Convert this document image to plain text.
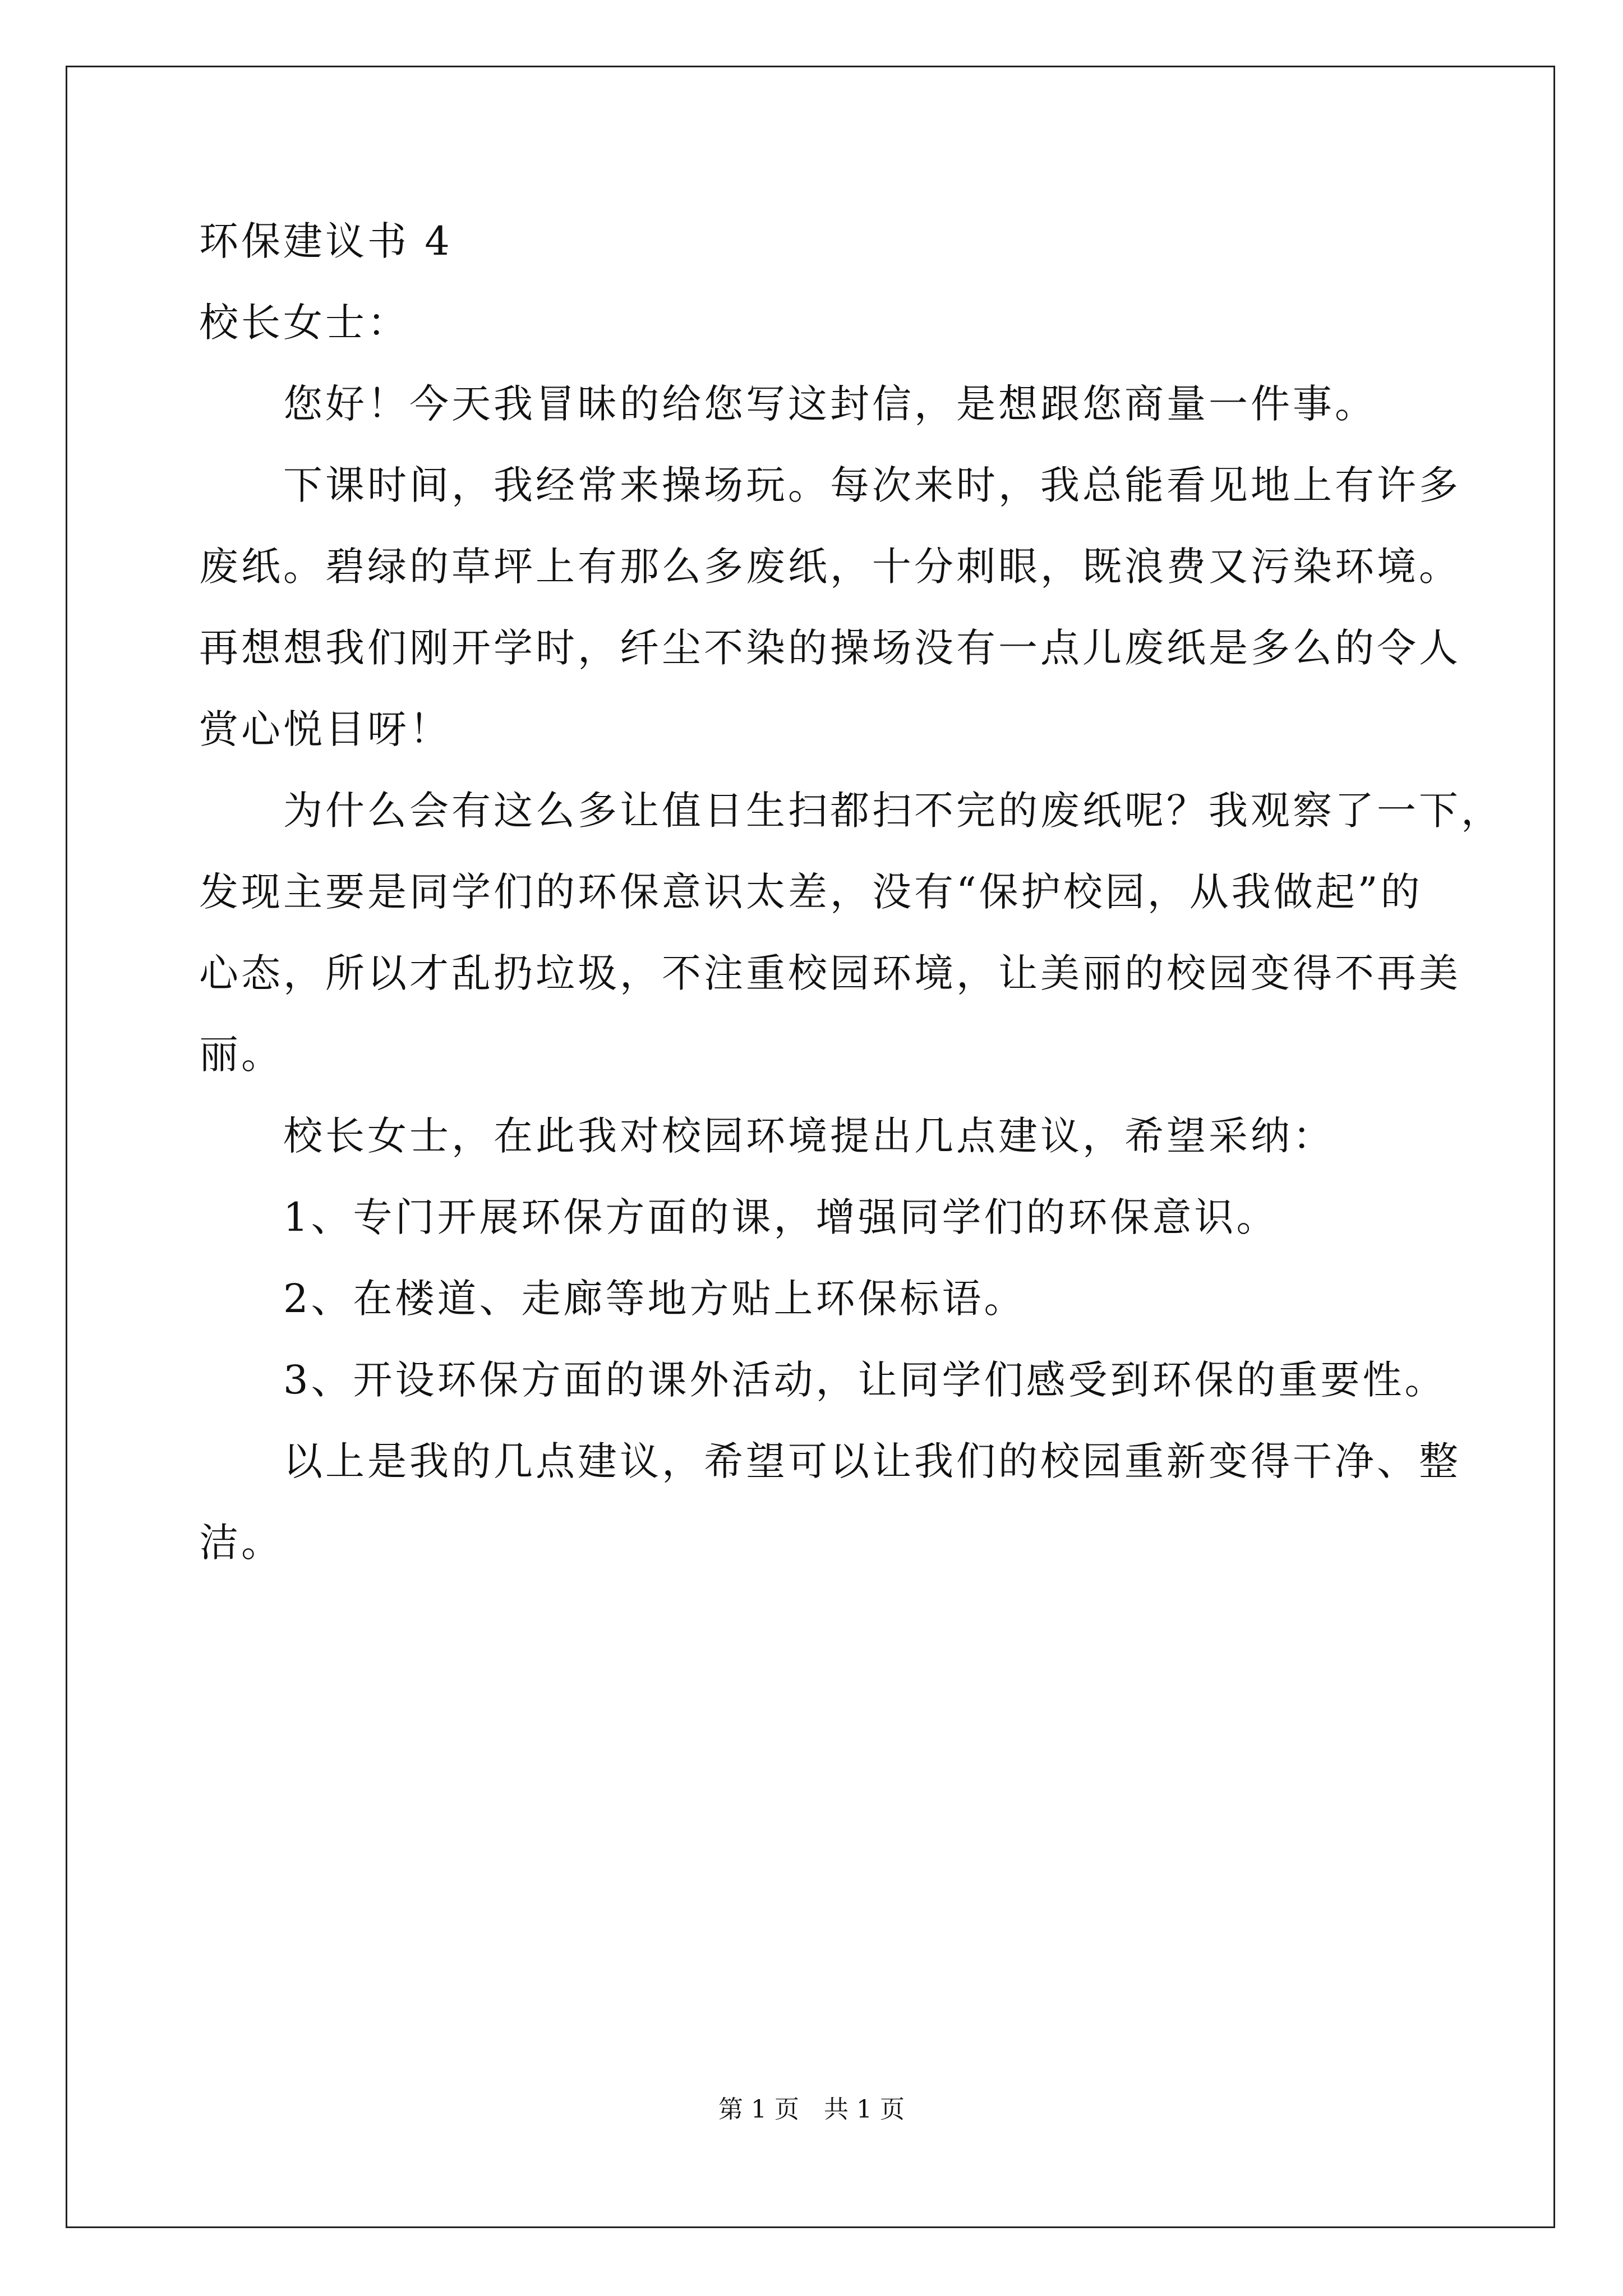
环保建议书 4
校长女士：
　　您好！今天我冒昧的给您写这封信，是想跟您商量一件事。
　　下课时间，我经常来操场玩。每次来时，我总能看见地上有许多
废纸。碧绿的草坪上有那么多废纸，十分刺眼，既浪费又污染环境。
再想想我们刚开学时，纤尘不染的操场没有一点儿废纸是多么的令人
赏心悦目呀！
　　为什么会有这么多让值日生扫都扫不完的废纸呢？我观察了一下，
发现主要是同学们的环保意识太差，没有“保护校园，从我做起”的
心态，所以才乱扔垃圾，不注重校园环境，让美丽的校园变得不再美
丽。
　　校长女士，在此我对校园环境提出几点建议，希望采纳：
　　1、专门开展环保方面的课，增强同学们的环保意识。
　　2、在楼道、走廊等地方贴上环保标语。
　　3、开设环保方面的课外活动，让同学们感受到环保的重要性。
　　以上是我的几点建议，希望可以让我们的校园重新变得干净、整
洁。
第 1 页　共 1 页
